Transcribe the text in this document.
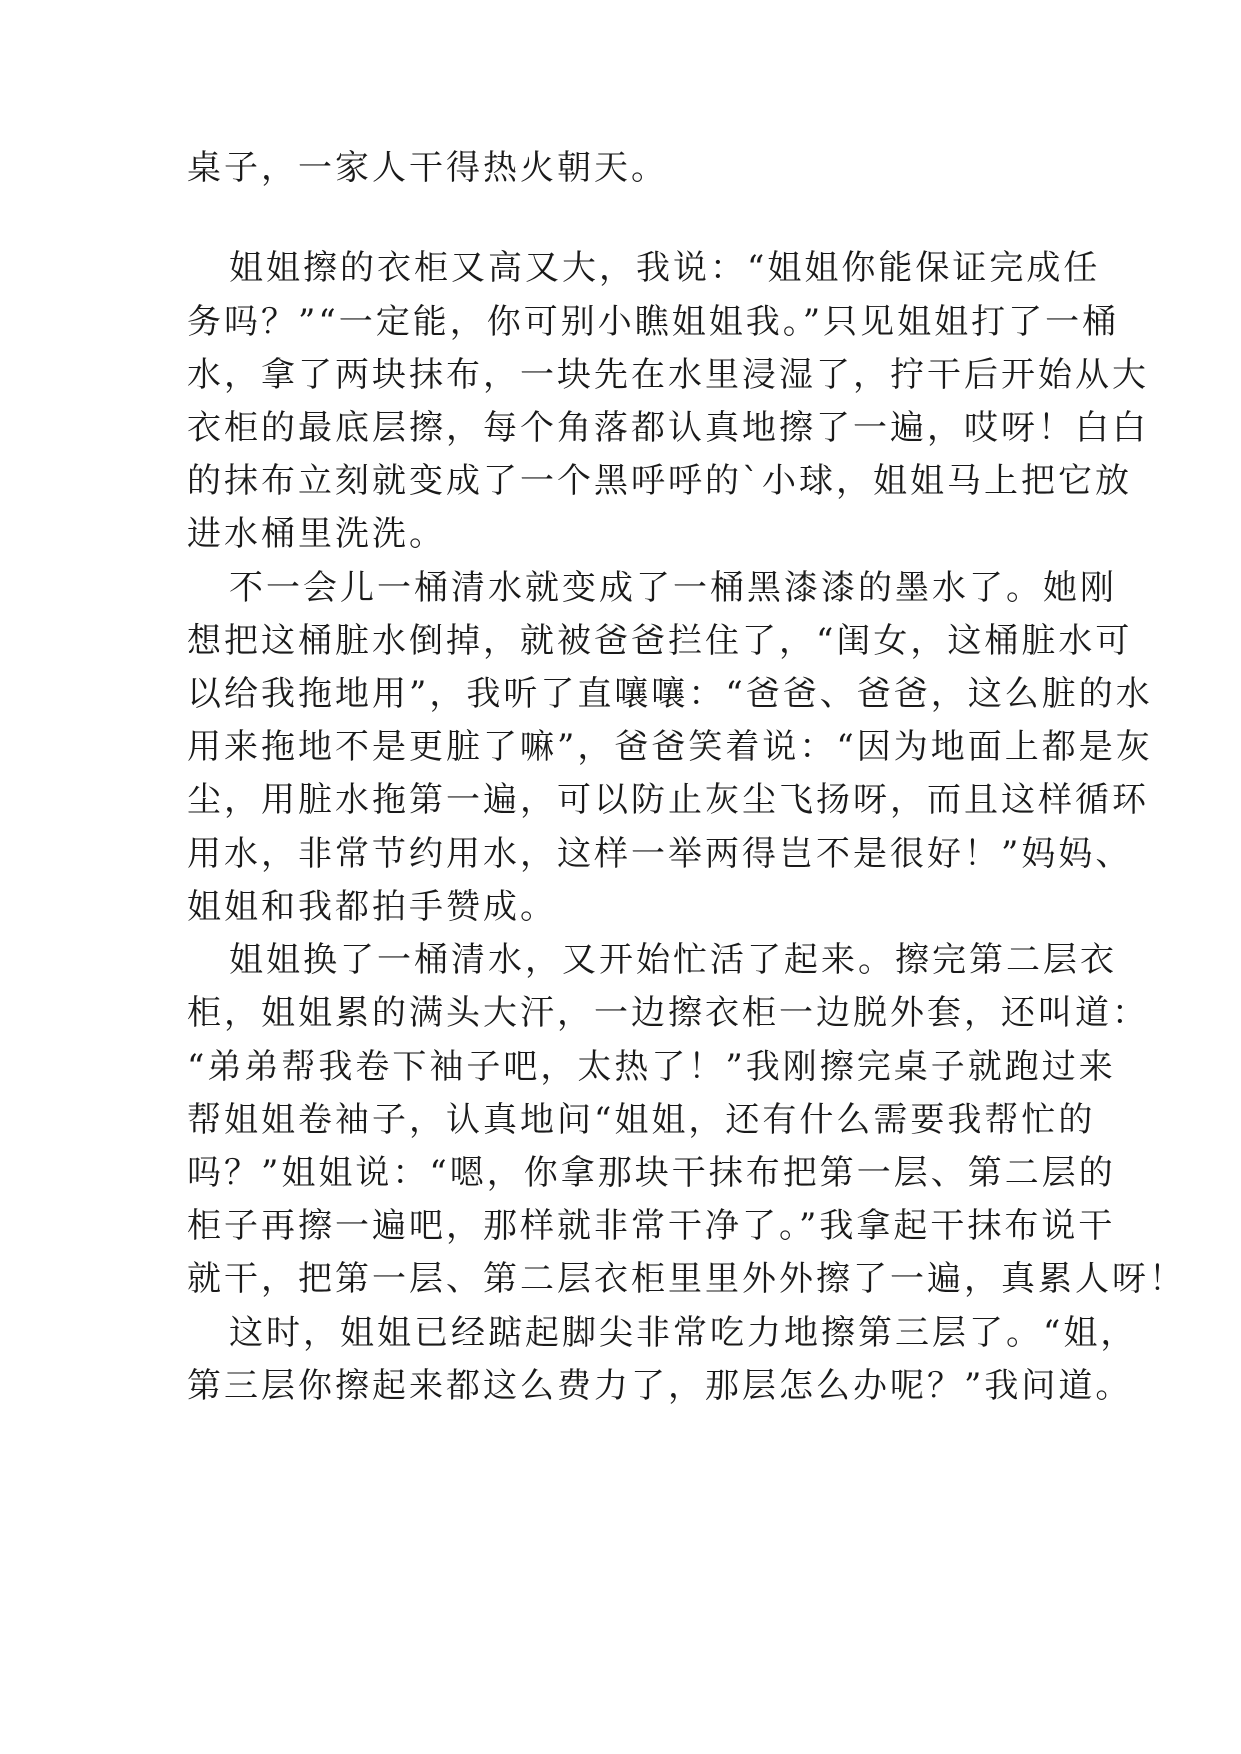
桌子，一家人干得热火朝天。
姐姐擦的衣柜又高又大，我说：“姐姐你能保证完成任
务吗？”“一定能，你可别小瞧姐姐我。”只见姐姐打了一桶
水，拿了两块抹布，一块先在水里浸湿了，拧干后开始从大
衣柜的最底层擦，每个角落都认真地擦了一遍，哎呀！白白
的抹布立刻就变成了一个黑呼呼的`小球，姐姐马上把它放
进水桶里洗洗。
不一会儿一桶清水就变成了一桶黑漆漆的墨水了。她刚
想把这桶脏水倒掉，就被爸爸拦住了，“闺女，这桶脏水可
以给我拖地用”，我听了直嚷嚷：“爸爸、爸爸，这么脏的水
用来拖地不是更脏了嘛”，爸爸笑着说：“因为地面上都是灰
尘，用脏水拖第一遍，可以防止灰尘飞扬呀，而且这样循环
用水，非常节约用水，这样一举两得岂不是很好！”妈妈、
姐姐和我都拍手赞成。
姐姐换了一桶清水，又开始忙活了起来。擦完第二层衣
柜，姐姐累的满头大汗，一边擦衣柜一边脱外套，还叫道：
“弟弟帮我卷下袖子吧，太热了！”我刚擦完桌子就跑过来
帮姐姐卷袖子，认真地问“姐姐，还有什么需要我帮忙的
吗？”姐姐说：“嗯，你拿那块干抹布把第一层、第二层的
柜子再擦一遍吧，那样就非常干净了。”我拿起干抹布说干
就干，把第一层、第二层衣柜里里外外擦了一遍，真累人呀！
这时，姐姐已经踮起脚尖非常吃力地擦第三层了。“姐，
第三层你擦起来都这么费力了，那层怎么办呢？”我问道。
